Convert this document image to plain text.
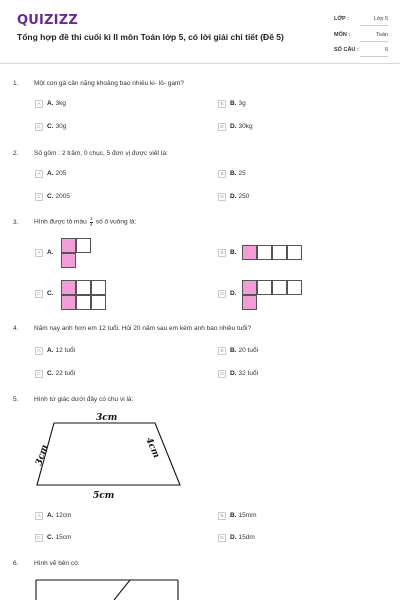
QUIZIZZ
Tổng hợp đề thi cuối kì II môn Toán lớp 5, có lời giải chi tiết (Đề 5)
LỚP :	Lớp 5
MÔN :	Toán
SỐ CÂU :	6
1. Một con gà cân nặng khoảng bao nhiêu ki- lô- gam?
A	A. 3kg	B	B. 3g
C C. 30g	D D. 30kg
2. Số gồm : 2 trăm, 0 chục, 5 đơn vị được viết là:
A	A. 205	B	B. 25
C C. 2005	D D. 250
3. Hình được tô màu $\frac{1}{4}$ số ô vuông là:
A	A.	B	B.
C C.	D D.
4. Năm nay anh hơn em 12 tuổi. Hỏi 20 năm sau em kém anh bao nhiêu tuổi?
A	A. 12 tuổi	B	B. 20 tuổi
C C. 22 tuổi	D D. 32 tuổi
5. Hình tứ giác dưới đây có chu vi là:
3cm
3cm	4cm
5cm
A	A. 12cm	B	B. 15mm
C C. 15cm	D D. 15dm
6. Hình vẽ bên có:
